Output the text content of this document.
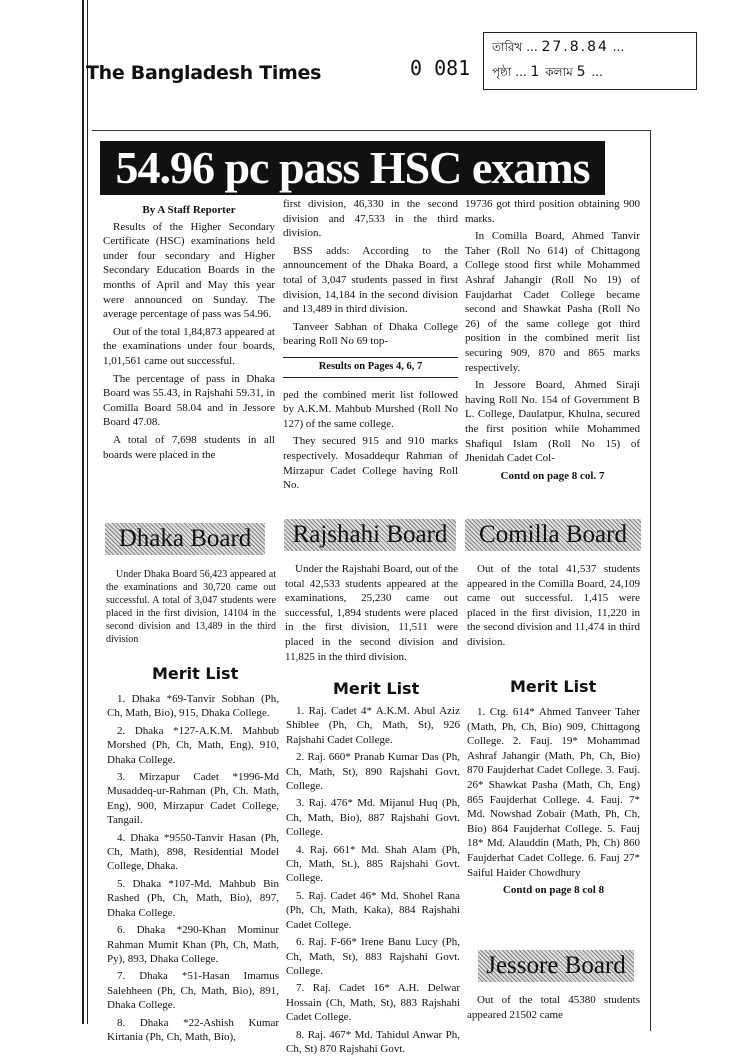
The Bangladesh Times	0 081
তারিখ ... 27.8.84 ...
পৃষ্ঠা ... 1 কলাম 5 ...
54.96 pc pass HSC exams
By A Staff Reporter

Results of the Higher Secondary Certificate (HSC) examinations held under four secondary and Higher Secondary Education Boards in the months of April and May this year were announced on Sunday. The average percentage of pass was 54.96.

Out of the total 1,84,873 appeared at the examinations under four boards, 1,01,561 came out successful.

The percentage of pass in Dhaka Board was 55.43, in Rajshahi 59.31, in Comilla Board 58.04 and in Jessore Board 47.08.

A total of 7,698 students in all boards were placed in the

first division, 46,330 in the second division and 47,533 in the third division.

BSS adds: According to the announcement of the Dhaka Board, a total of 3,047 students passed in first division, 14,184 in the second division and 13,489 in third division.

Tanveer Sabhan of Dhaka College bearing Roll No 69 top-

Results on Pages 4, 6, 7

ped the combined merit list followed by A.K.M. Mahbub Murshed (Roll No 127) of the same college.

They secured 915 and 910 marks respectively. Mosaddequr Rahman of Mirzapur Cadet College having Roll No.

19736 got third position obtaining 900 marks.

In Comilla Board, Ahmed Tanvir Taher (Roll No 614) of Chittagong College stood first while Mohammed Ashraf Jahangir (Roll No 19) of Faujdarhat Cadet College became second and Shawkat Pasha (Roll No 26) of the same college got third position in the combined merit list securing 909, 870 and 865 marks respectively.

In Jessore Board, Ahmed Siraji having Roll No. 154 of Government B L. College, Daulatpur, Khulna, secured the first position while Mohammed Shafiqul Islam (Roll No 15) of Jhenidah Cadet Col-

Contd on page 8 col. 7

Dhaka Board	Rajshahi Board	Comilla Board

Under Dhaka Board 56,423 appeared at the examinations and 30,720 came out successful. A total of 3,047 students were placed in the first division, 14104 in the second division and 13,489 in the third division

Under the Rajshahi Board, out of the total 42,533 students appeared at the examinations, 25,230 came out successful, 1,894 students were placed in the first division, 11,511 were placed in the second division and 11,825 in the third division.

Out of the total 41,537 students appeared in the Comilla Board, 24,109 came out successful. 1,415 were placed in the first division, 11,220 in the second division and 11,474 in third division.

Merit List
Merit List	Merit List

1. Dhaka *69-Tanvir Sobhan (Ph, Ch, Math, Bio), 915, Dhaka College.

2. Dhaka *127-A.K.M. Mahbub Morshed (Ph, Ch, Math, Eng), 910, Dhaka College.

3. Mirzapur Cadet *1996-Md Musaddeq-ur-Rahman (Ph, Ch. Math, Eng), 900, Mirzapur Cadet College, Tangail.

4. Dhaka *9550-Tanvir Hasan (Ph, Ch, Math), 898, Residential Model College, Dhaka.

5. Dhaka *107-Md. Mahbub Bin Rashed (Ph, Ch, Math, Bio), 897, Dhaka College.

6. Dhaka *290-Khan Mominur Rahman Mumit Khan (Ph, Ch, Math, Py), 893, Dhaka College.

7. Dhaka *51-Hasan Imamus Salehheen (Ph, Ch, Math, Bio), 891, Dhaka College.

8. Dhaka *22-Ashish Kumar Kirtania (Ph, Ch, Math, Bio),

1. Raj. Cadet 4* A.K.M. Abul Aziz Shiblee (Ph, Ch, Math, St), 926 Rajshahi Cadet College.

2. Raj. 660* Pranab Kumar Das (Ph, Ch, Math, St), 890 Rajshahi Govt. College.

3. Raj. 476* Md. Mijanul Huq (Ph, Ch, Math, Bio), 887 Rajshahi Govt. College.

4. Raj. 661* Md. Shah Alam (Ph, Ch, Math, St.), 885 Rajshahi Govt. College.

5. Raj. Cadet 46* Md. Shohel Rana (Ph, Ch, Math, Kaka), 884 Rajshahi Cadet College.

6. Raj. F-66* Irene Banu Lucy (Ph, Ch, Math, St), 883 Rajshahi Govt. College.

7. Raj. Cadet 16* A.H. Delwar Hossain (Ch, Math, St), 883 Rajshahi Cadet College.

8. Raj. 467* Md. Tahidul Anwar Ph, Ch, St) 870 Rajshahi Govt.

1. Ctg. 614* Ahmed Tanveer Taher (Math, Ph, Ch, Bio) 909, Chittagong College. 2. Fauj. 19* Mohammad Ashraf Jahangir (Math, Ph, Ch, Bio) 870 Faujderhat Cadet College. 3. Fauj. 26* Shawkat Pasha (Math, Ch, Eng) 865 Faujderhat College. 4. Fauj. 7* Md. Nowshad Zobair (Math, Ph, Ch, Bio) 864 Faujderhat College. 5. Fauj 18* Md. Alauddin (Math, Ph, Ch) 860 Faujderhat Cadet College. 6. Fauj 27* Saiful Haider Chowdhury

Contd on page 8 col 8

Jessore Board

Out of the total 45380 students appeared 21502 came
